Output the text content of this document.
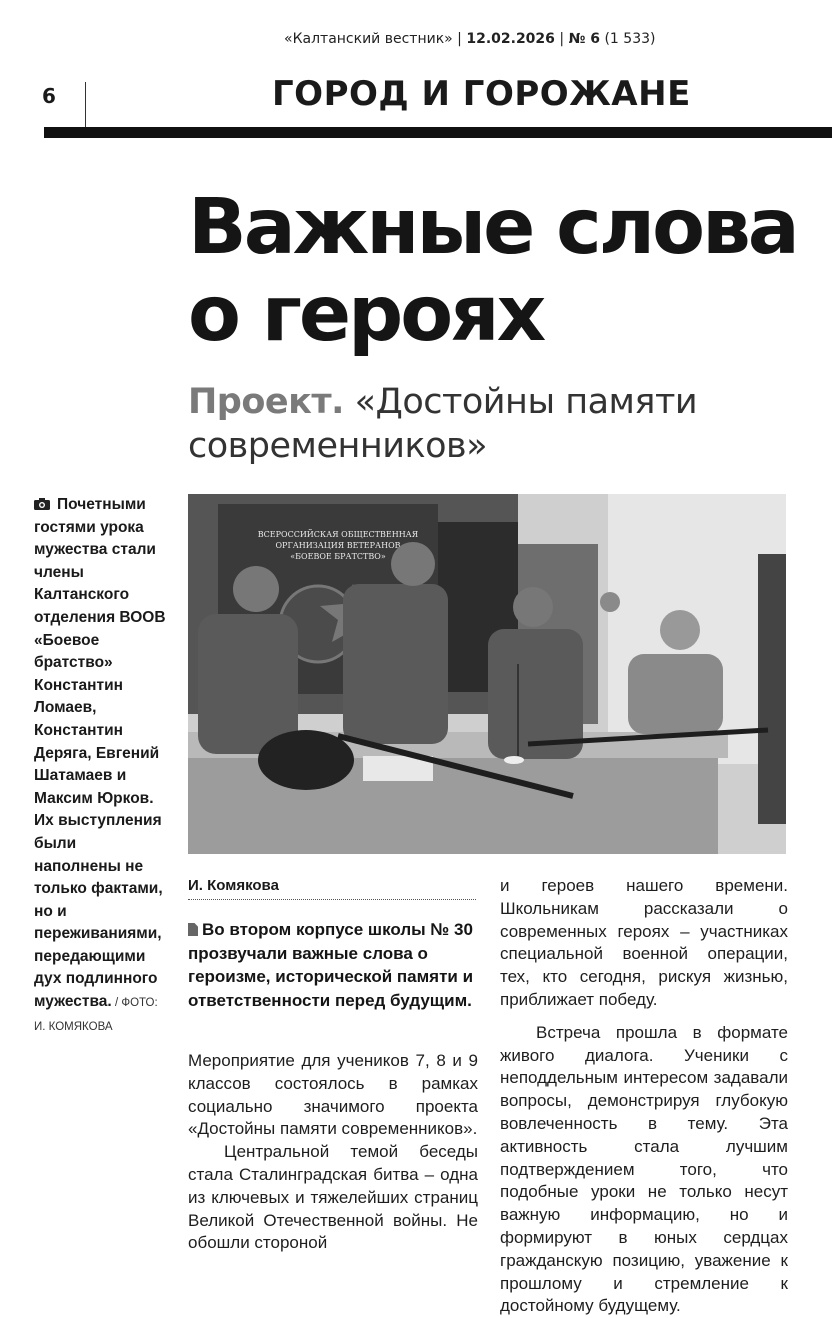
«Калтанский вестник» | 12.02.2026 | № 6 (1 533)
6	ГОРОД И ГОРОЖАНЕ
Важные слова
о героях
Проект. «Достойны памяти современников»
Почетными гостями урока мужества стали члены Калтанского отделения ВООВ «Боевое братство» Константин Ломаев, Константин Деряга, Евгений Шатамаев и Максим Юрков. Их выступления были наполнены не только фактами, но и переживаниями, передающими дух подлинного мужества. / ФОТО: И. КОМЯКОВА
ВСЕРОССИЙСКАЯ ОБЩЕСТВЕННАЯ
ОРГАНИЗАЦИЯ ВЕТЕРАНОВ
«БОЕВОЕ БРАТСТВО»
И. Комякова
Во втором корпусе школы № 30 прозвучали важные слова о героизме, исторической памяти и ответственности перед будущим.

Мероприятие для учеников 7, 8 и 9 классов состоялось в рамках социально значимого проекта «Достойны памяти современников».

Центральной темой беседы стала Сталинградская битва – одна из ключевых и тяжелейших страниц Великой Отечественной войны. Не обошли стороной

и героев нашего времени. Школьникам рассказали о современных героях – участниках специальной военной операции, тех, кто сегодня, рискуя жизнью, приближает победу.

Встреча прошла в формате живого диалога. Ученики с неподдельным интересом задавали вопросы, демонстрируя глубокую вовлеченность в тему. Эта активность стала лучшим подтверждением того, что подобные уроки не только несут важную информацию, но и формируют в юных сердцах гражданскую позицию, уважение к прошлому и стремление к достойному будущему.
